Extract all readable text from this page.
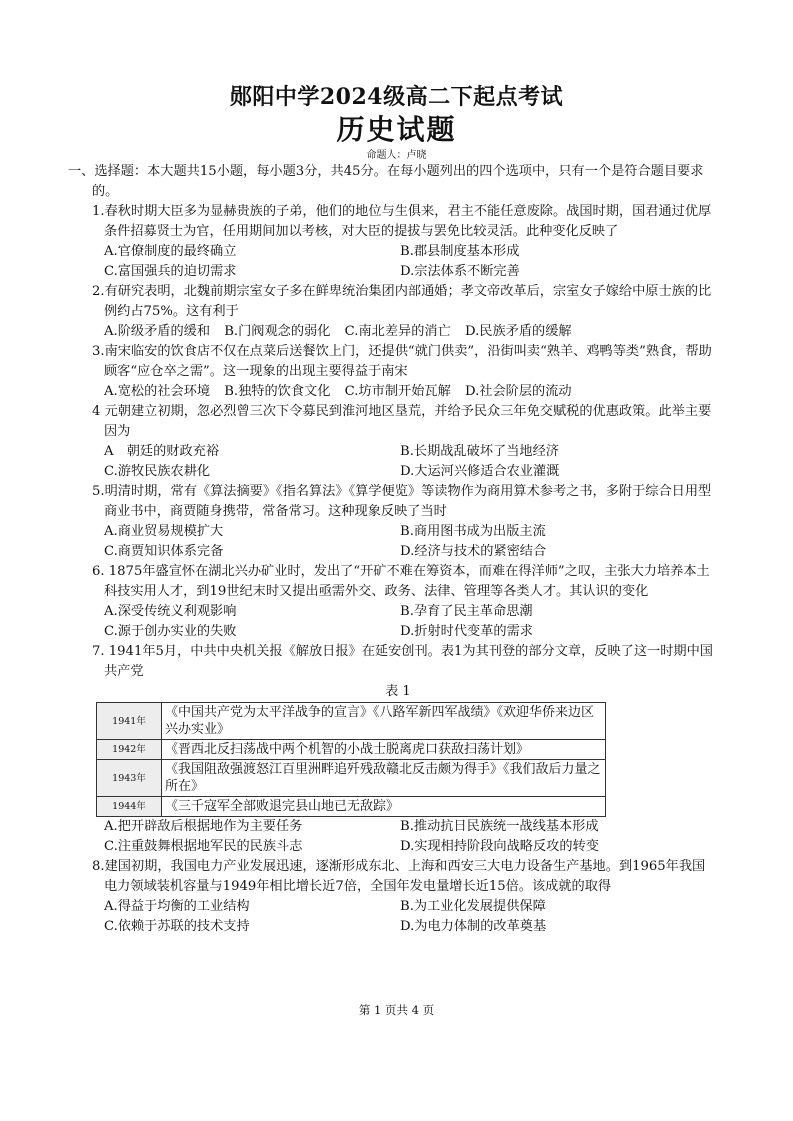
郧阳中学2024级高二下起点考试
历史试题
命题人：卢晓

一、选择题：本大题共15小题，每小题3分，共45分。在每小题列出的四个选项中，只有一个是符合题目要求的。

1.春秋时期大臣多为显赫贵族的子弟，他们的地位与生俱来，君主不能任意废除。战国时期，国君通过优厚条件招募贤士为官，任用期间加以考核，对大臣的提拔与罢免比较灵活。此种变化反映了

A.官僚制度的最终确立	B.郡县制度基本形成
C.富国强兵的迫切需求	D.宗法体系不断完善

2.有研究表明，北魏前期宗室女子多在鲜卑统治集团内部通婚；孝文帝改革后，宗室女子嫁给中原士族的比例约占75%。这有利于

A.阶级矛盾的缓和 B.门阀观念的弱化 C.南北差异的消亡 D.民族矛盾的缓解

3.南宋临安的饮食店不仅在点菜后送餐饮上门，还提供“就门供卖”，沿街叫卖“熟羊、鸡鸭等类”熟食，帮助顾客“应仓卒之需”。这一现象的出现主要得益于南宋

A.宽松的社会环境 B.独特的饮食文化 C.坊市制开始瓦解 D.社会阶层的流动

4 元朝建立初期，忽必烈曾三次下令募民到淮河地区垦荒，并给予民众三年免交赋税的优惠政策。此举主要因为

A　朝廷的财政充裕	B.长期战乱破坏了当地经济
C.游牧民族农耕化	D.大运河兴修适合农业灌溉

5.明清时期，常有《算法摘要》《指名算法》《算学便览》等读物作为商用算术参考之书，多附于综合日用型商业书中，商贾随身携带，常备常习。这种现象反映了当时

A.商业贸易规模扩大	B.商用图书成为出版主流
C.商贾知识体系完备	D.经济与技术的紧密结合

6. 1875年盛宣怀在湖北兴办矿业时，发出了“开矿不难在筹资本，而难在得洋师”之叹，主张大力培养本土科技实用人才，到19世纪末时又提出亟需外交、政务、法律、管理等各类人才。其认识的变化

A.深受传统义利观影响	B.孕育了民主革命思潮
C.源于创办实业的失败	D.折射时代变革的需求

7. 1941年5月，中共中央机关报《解放日报》在延安创刊。表1为其刊登的部分文章，反映了这一时期中国共产党

表 1

1941年	《中国共产党为太平洋战争的宣言》《八路军新四军战绩》《欢迎华侨来边区兴办实业》
1942年	《晋西北反扫荡战中两个机智的小战士脱离虎口获敌扫荡计划》
1943年	《我国阻敌强渡怒江百里洲畔追歼残敌赣北反击颇为得手》《我们敌后力量之所在》
1944年	《三千寇军全部败退完县山地已无敌踪》
A.把开辟敌后根据地作为主要任务	B.推动抗日民族统一战线基本形成
C.注重鼓舞根据地军民的民族斗志	D.实现相持阶段向战略反攻的转变

8.建国初期，我国电力产业发展迅速，逐渐形成东北、上海和西安三大电力设备生产基地。到1965年我国电力领域装机容量与1949年相比增长近7倍，全国年发电量增长近15倍。该成就的取得

A.得益于均衡的工业结构	B.为工业化发展提供保障
C.依赖于苏联的技术支持	D.为电力体制的改革奠基
第 1 页共 4 页
